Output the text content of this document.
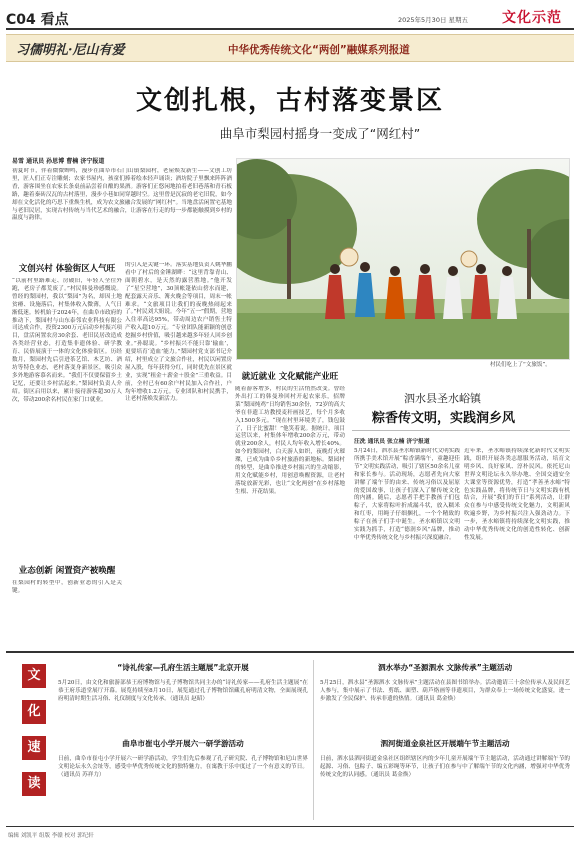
C04 看点	2025年5月30日 星期五 文化示范
习儒明礼·尼山有爱	中华优秀传统文化“两创”融媒系列报道
文创扎根，古村落变景区
曲阜市梨园村摇身一变成了“网红村”
易雪 通讯员 孙思博 曹楠 济宁报道
初夏时节，伴着微微蝉鸣，漫步在曲阜市石门山镇梨园村，老屋焕发新生——文创工坊里，匠人们正专注雕刻；农家书屋内，孩童们捧着绘本轻声诵读；酒坊院子里飘来阵阵酒香，游客围坐在农家长条桌前品尝着自酿的果酒。游客们正悠闲地拍着老旧巷落和青石板路，趣着秦砖汉瓦的古村落里，漫步小巷如同穿越时空。这里曾是沉寂的老宅旧院，如今却在文化活化的巧思下重焕生机，成为农文旅融合发展的“网红村”。当地盘活闲置宅基地与老旧民居，实现古村传统与当代艺术的融合，让游客在行走的每一步都能触摸到乡村的温度与韵律。
文创兴村 体验街区人气旺
“以前村里路难走、房破旧，年轻人全往外跑，老房子都荒废了。”村民韩曼珍感慨说。曾经的梨园村，我以“梨园”为名，却因土地贫瘠、设施落后，村集体收入微薄，人气日渐低迷。转机始于2024年，在曲阜市政府的推动下，梨园村与山东泰邻农业科技有限公司达成合作，投资2300万元启动乡村振兴项目，盘活闲置农房30余套、老旧民居改造成各类经营业态，打造集非遗体验、研学教育、民俗展演于一体的文化体验街区。历经数月，梨园村先后引进茶艺馆、木艺坊、酒坊等特色业态，老村落变身新景区，吸引众多外地游客慕名而来。“我们不仅要保留乡土记忆，还要让乡村活起来。”梨园村负责人介绍。街区启用以来，累计接待游客超30万人次，带动200余名村民在家门口就业。
业态创新 闲置资产被唤醒
在梨园村的转型中，创新业态的引入是关键。
的引入是关键一环。落实基地负责人姚华鹏看中了村后的金锤湖畔：“这里背靠青山、面朝碧水，是天然的露营胜地。”他开发了“星空营地”，30顶帐篷依山傍水而建，配套露天音乐、篝火晚会等项目，周末一帐难求。“文旅项目让我们的夜晚热闹起来了。”村民刘大姐说。今年“五一”假期，营地入住率高达95%，带动周边农户销售土特产收入超10万元。“专业团队能新颖的创意挖掘乡村价值，吸引越来越多年轻人回乡创业。”孙聪说。“乡村振兴不能只靠‘输血’，更要培育‘造血’能力。”梨园村党支部书记介绍，村里成立了文旅合作社，村民以闲置房屋入股，每年获得分红，同时优先在景区就业，实现“租金＋薪金＋股金”三重收益。目前，全村已有60余户村民加入合作社，户均年增收1.2万元。专业团队和村民携手，让老村落焕发新活力。
村民们吃上了“文旅饭”。
就近就业 文化赋能产业旺
随着游客增多，村民的生活悄然改变。曾经外出打工的韩曼珍回村开起农家乐，招牌菜“梨园炖鸡”日均销售30余份，72岁的高大爷在非遗工坊教授麦秆画技艺，每个月多收入1500多元。“现在村里环境美了，钱包鼓了，日子比蜜甜！”他笑着说。据统计，项目运营以来，村集体年增收200余万元，带动就业200余人，村民人均年收入增长40%。如今的梨园村，白天游人如织，夜晚灯火璀璨，已成为曲阜乡村旅游的新地标。梨园村的转型，是曲阜推进乡村振兴的生动缩影，用文化赋能乡村，用创意唤醒资源，让老村落绽放新光彩，也让“文化两创”在乡村落地生根、开花结果。
泗水县圣水峪镇
粽香传文明，实践润乡风
汪洗 通讯员 张立楠 济宁报道
5月24日，泗水县圣水峪镇新时代文明实践所携手美术馆开展“粽香满端午，童趣迎佳节”文明实践活动，吸引了辖区50余名儿童和家长参与。活动现场，志愿者先向大家讲解了端午节的由来、传统习俗以及屈原的爱国故事，让孩子们深入了解传统文化的内涵。随后，志愿者手把手教孩子们包粽子，大家将粽叶折成漏斗状，放入糯米和红枣，用绳子仔细捆扎，一个个精致的粽子在孩子们手中诞生。圣水峪镇以文明实践为抓手，打造“德润乡风”品牌，推动中华优秀传统文化与乡村振兴深度融合。
近年来，圣水峪镇持续深化新时代文明实践，组织开展各类志愿服务活动，培育文明乡风、良好家风、淳朴民风。依托尼山世界文明论坛永久举办地、全国交通安全大课堂等资源优势，打造“孝善圣水峪”特色实践品牌，将传统节日与文明实践有机结合，开展“我们的节日”系列活动，让群众在参与中感受传统文化魅力，文明新风吹遍乡野，为乡村振兴注入强劲动力。下一步，圣水峪镇将持续深化文明实践，推动中华优秀传统文化的创造性转化、创新性发展。
文
化
速
读
“诗礼传家—孔府生活主题展”北京开展
5月20日，由文化和旅游部恭王府博物馆与孔子博物馆共同主办的“诗礼传家——孔府生活主题展”在恭王府乐道堂展厅开幕。展览持续至8月10日，展览通过孔子博物馆馆藏孔府明清文物，全面展现孔府明清时期生活习俗、礼仪制度与文化传承。（通讯员 赵昭）
曲阜市崔屯小学开展六一研学游活动
日前，曲阜市崔屯小学开展六一研学游活动，学生们先后参观了孔子研究院、孔子博物馆和尼山世界文明论坛永久会址等，感受中华优秀传统文化的独特魅力，在寓教于乐中度过了一个有意义的节日。（通讯员 苏祥力）
泗水举办“圣源泗水 文脉传承”主题活动
5月25日，泗水县“圣源泗水 文脉传承”主题活动在县图书馆举办。活动邀请三十余位传承人及民间艺人参与，集中展示了书法、剪纸、面塑、葫芦烙画等非遗项目，为群众奉上一场传统文化盛宴，进一步激发了全民保护、传承非遗的热情。（通讯员 葛金焕）
泗河街道金泉社区开展端午节主题活动
日前，泗水县泗河街道金泉社区组织辖区内的少年儿童开展端午节主题活动，活动通过讲解端午节的起源、习俗、包粽子、编五彩绳等环节，让孩子们在参与中了解端午节的文化内涵，增强对中华优秀传统文化的认同感。（通讯员 葛金焕）
编辑 刘凯平 组版 李赣 校对 郭纪轩
